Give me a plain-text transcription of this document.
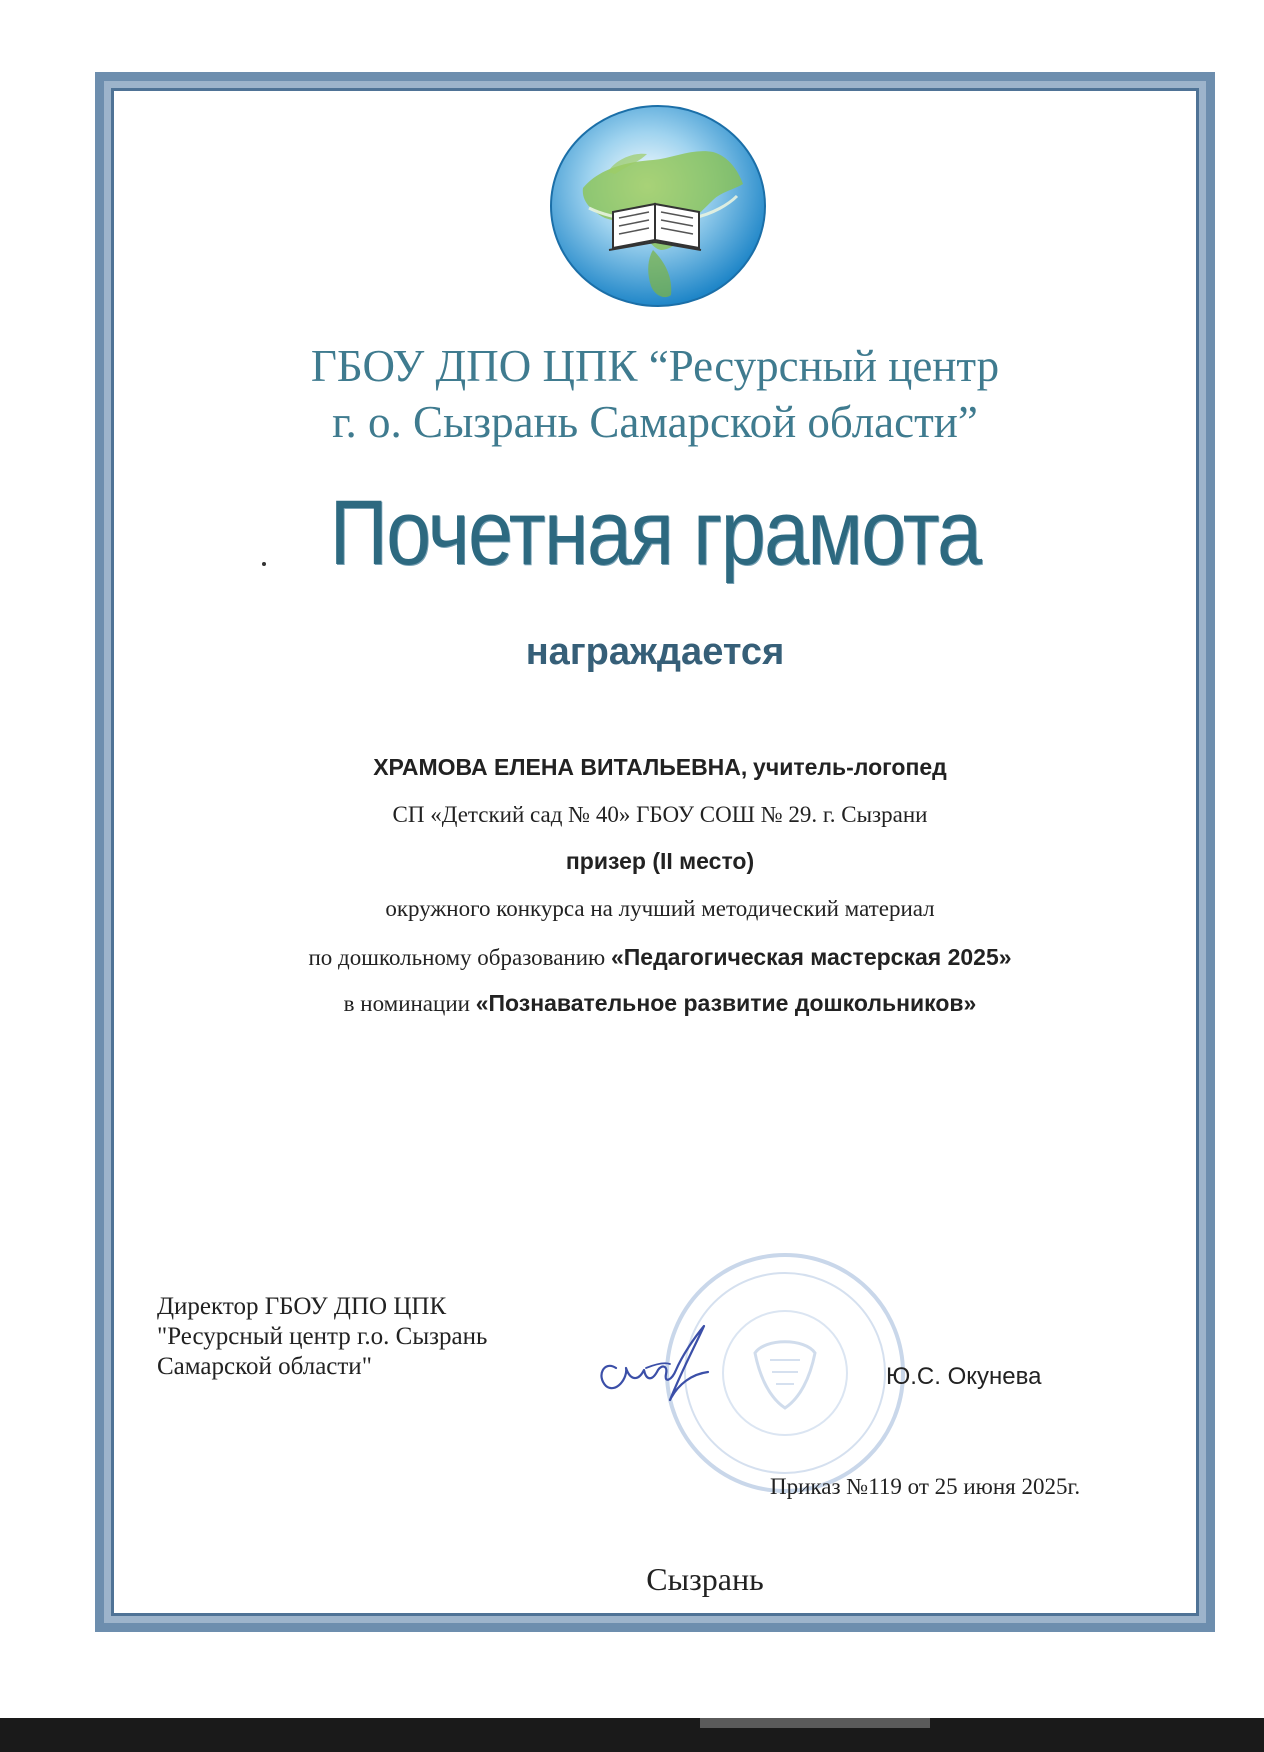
ГБОУ ДПО ЦПК “Ресурсный центр
г. о. Сызрань Самарской области”
Почетная грамота
награждается
ХРАМОВА ЕЛЕНА ВИТАЛЬЕВНА, учитель-логопед
СП «Детский сад № 40» ГБОУ СОШ № 29. г. Сызрани
призер (II место)
окружного конкурса на лучший методический материал
по дошкольному образованию «Педагогическая мастерская 2025»
в номинации «Познавательное развитие дошкольников»
Директор ГБОУ ДПО ЦПК
"Ресурсный центр г.о. Сызрань
Самарской области"	Ю.С. Окунева
Приказ №119 от 25 июня 2025г.
Сызрань
